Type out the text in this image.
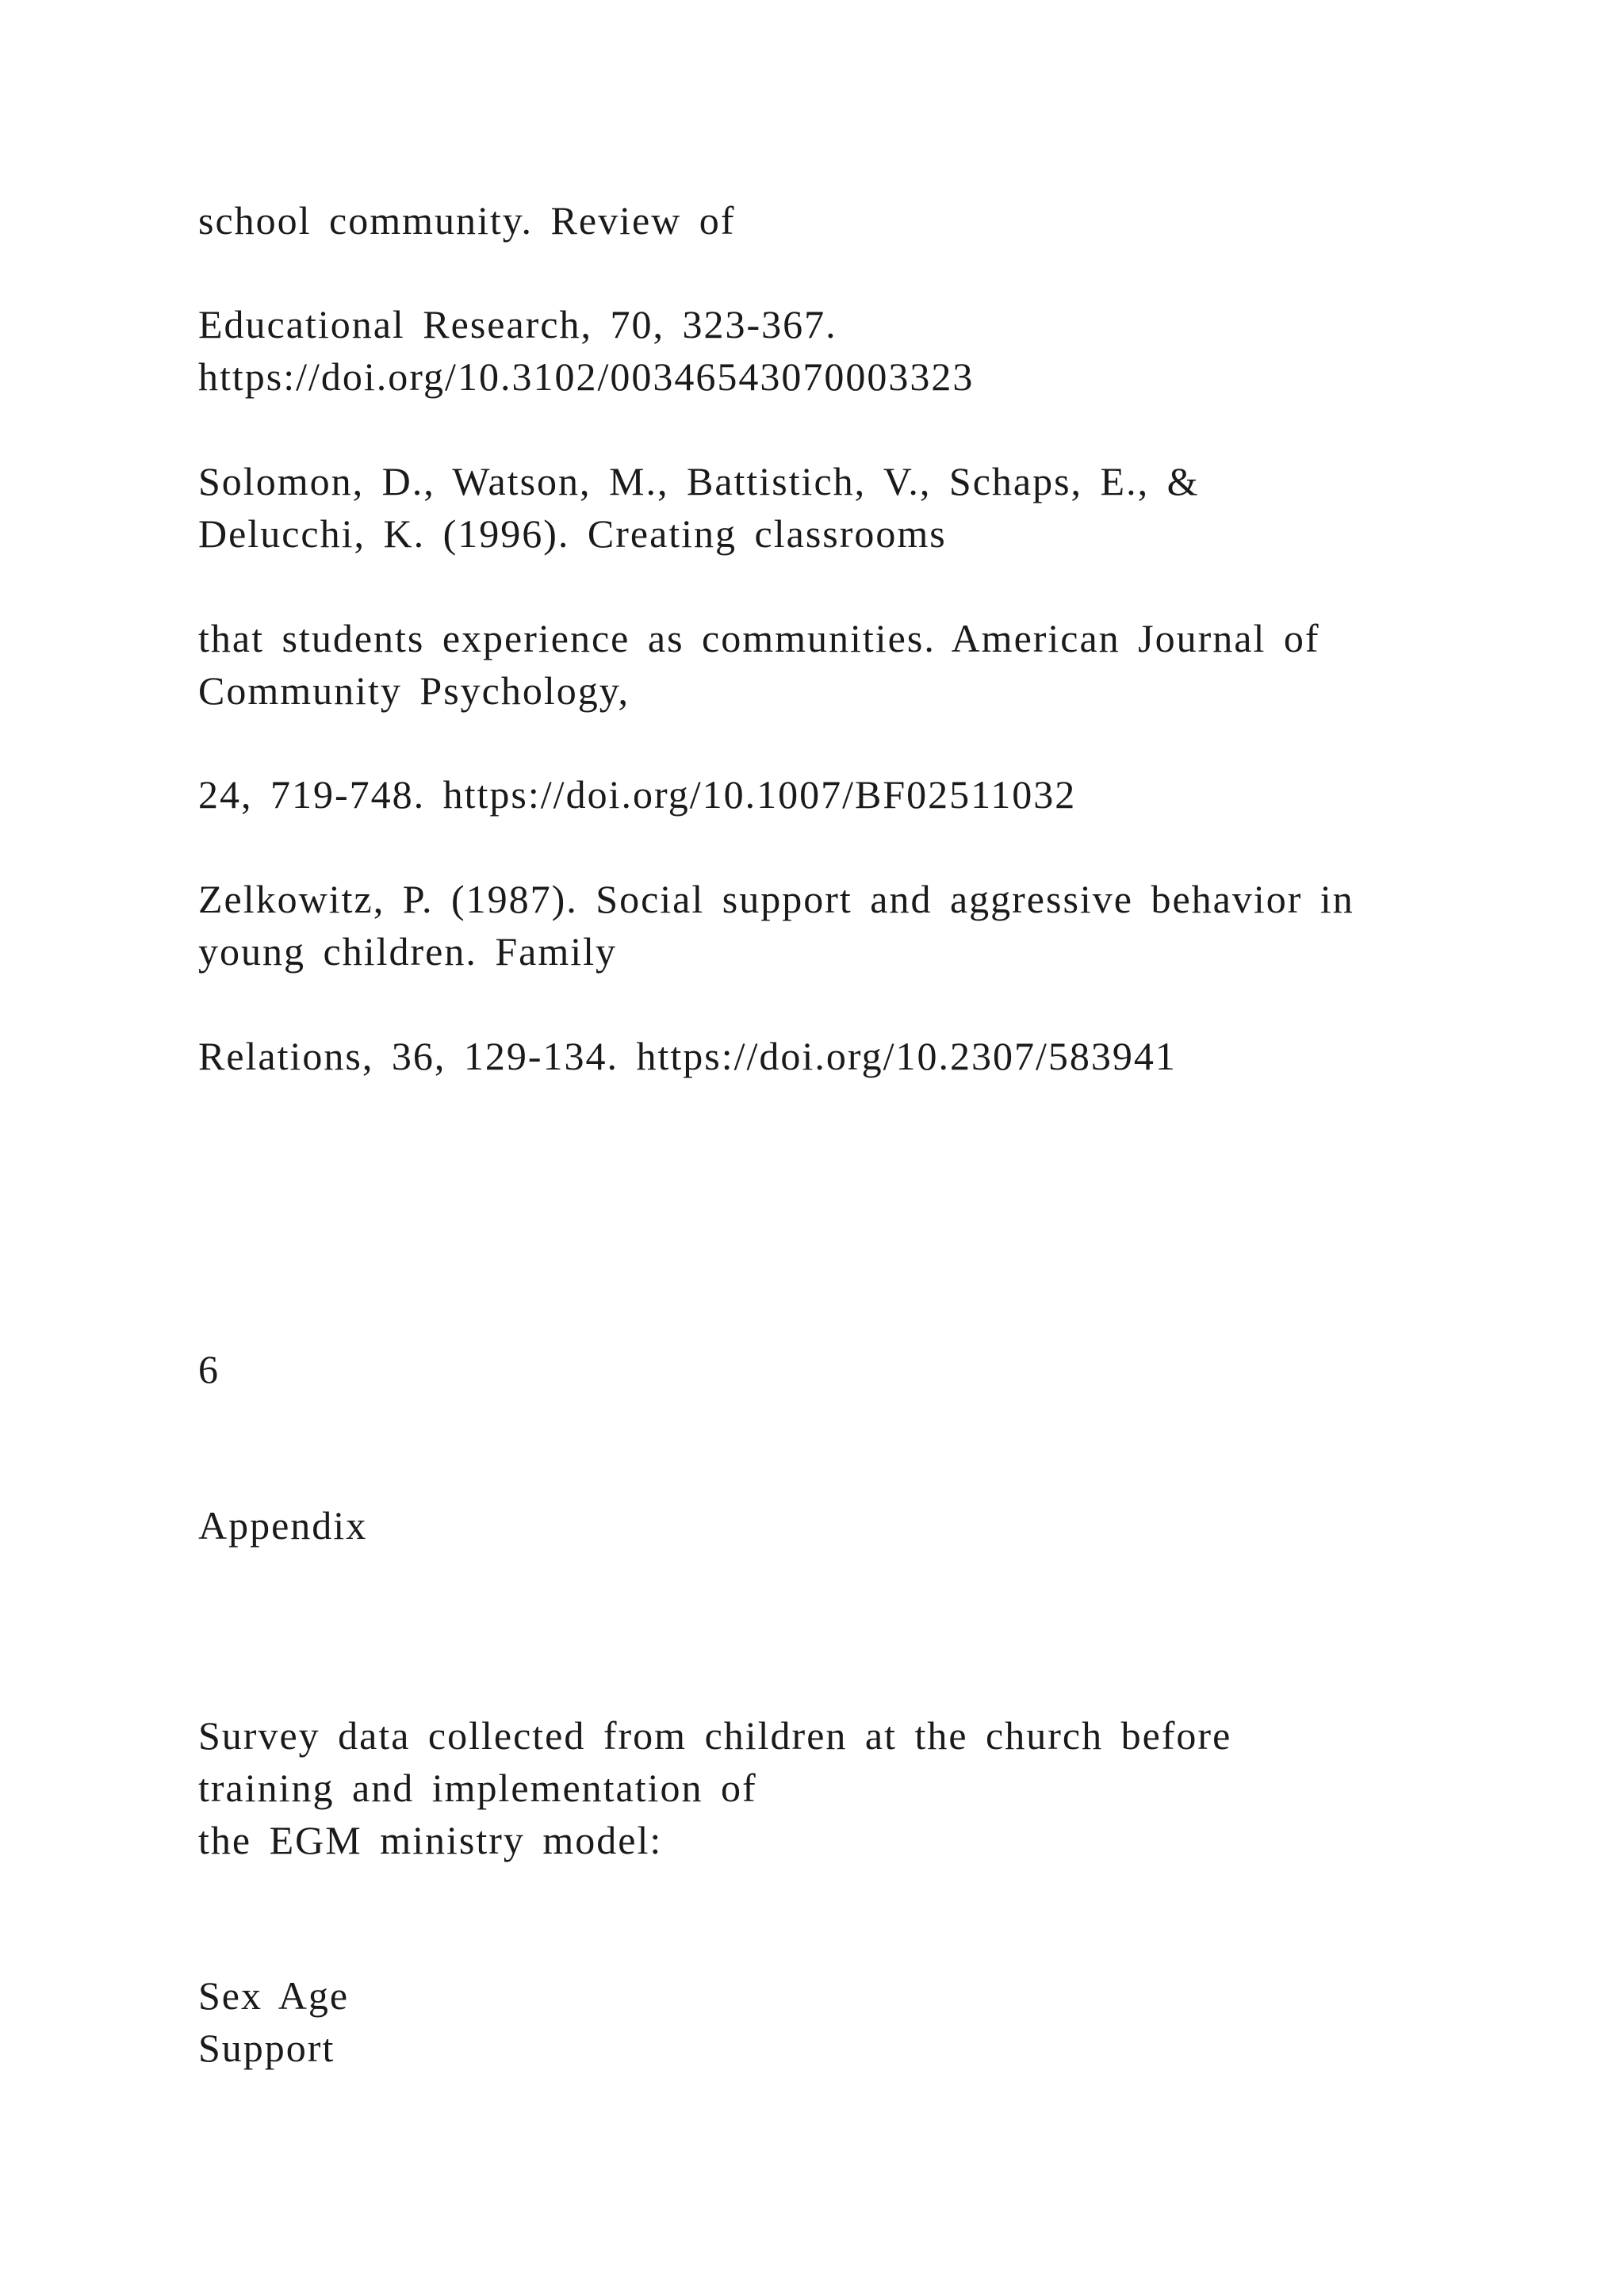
school community. Review of
Educational Research, 70, 323-367.
https://doi.org/10.3102/00346543070003323
Solomon, D., Watson, M., Battistich, V., Schaps, E., &
Delucchi, K. (1996). Creating classrooms
that students experience as communities. American Journal of
Community Psychology,
24, 719-748. https://doi.org/10.1007/BF02511032
Zelkowitz, P. (1987). Social support and aggressive behavior in
young children. Family
Relations, 36, 129-134. https://doi.org/10.2307/583941
6
Appendix
Survey data collected from children at the church before
training and implementation of
the EGM ministry model:
Sex Age
Support
